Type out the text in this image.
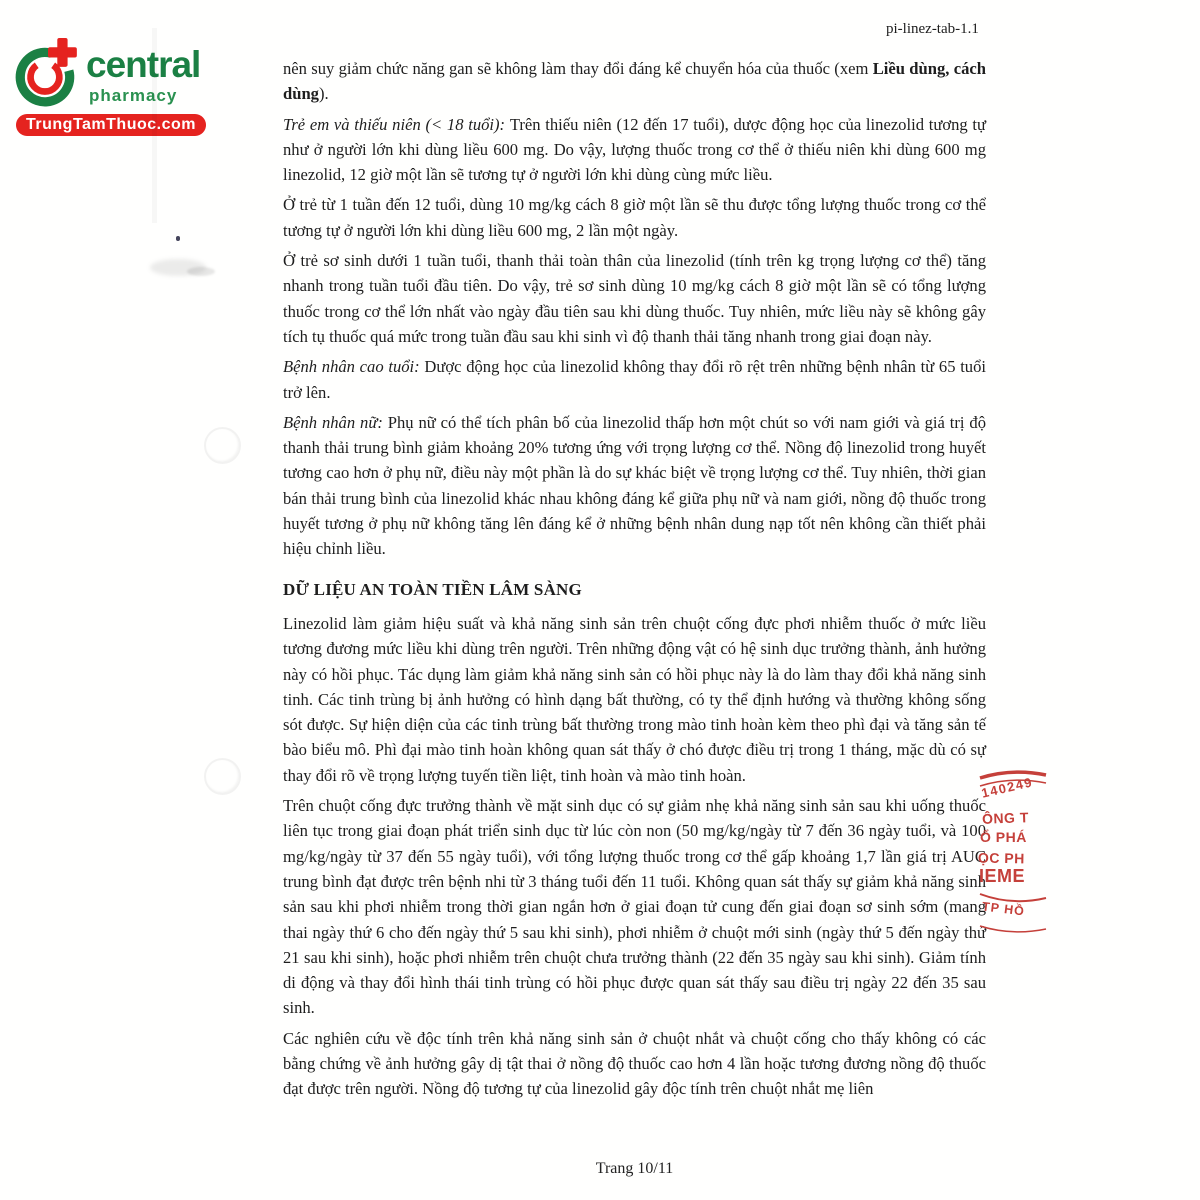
central
pharmacy
TrungTamThuoc.com
pi-linez-tab-1.1

nên suy giảm chức năng gan sẽ không làm thay đổi đáng kể chuyển hóa của thuốc (xem Liều dùng, cách dùng).

Trẻ em và thiếu niên (< 18 tuổi): Trên thiếu niên (12 đến 17 tuổi), dược động học của linezolid tương tự như ở người lớn khi dùng liều 600 mg. Do vậy, lượng thuốc trong cơ thể ở thiếu niên khi dùng 600 mg linezolid, 12 giờ một lần sẽ tương tự ở người lớn khi dùng cùng mức liều.

Ở trẻ từ 1 tuần đến 12 tuổi, dùng 10 mg/kg cách 8 giờ một lần sẽ thu được tổng lượng thuốc trong cơ thể tương tự ở người lớn khi dùng liều 600 mg, 2 lần một ngày.

Ở trẻ sơ sinh dưới 1 tuần tuổi, thanh thải toàn thân của linezolid (tính trên kg trọng lượng cơ thể) tăng nhanh trong tuần tuổi đầu tiên. Do vậy, trẻ sơ sinh dùng 10 mg/kg cách 8 giờ một lần sẽ có tổng lượng thuốc trong cơ thể lớn nhất vào ngày đầu tiên sau khi dùng thuốc. Tuy nhiên, mức liều này sẽ không gây tích tụ thuốc quá mức trong tuần đầu sau khi sinh vì độ thanh thải tăng nhanh trong giai đoạn này.

Bệnh nhân cao tuổi: Dược động học của linezolid không thay đổi rõ rệt trên những bệnh nhân từ 65 tuổi trở lên.

Bệnh nhân nữ: Phụ nữ có thể tích phân bố của linezolid thấp hơn một chút so với nam giới và giá trị độ thanh thải trung bình giảm khoảng 20% tương ứng với trọng lượng cơ thể. Nồng độ linezolid trong huyết tương cao hơn ở phụ nữ, điều này một phần là do sự khác biệt về trọng lượng cơ thể. Tuy nhiên, thời gian bán thải trung bình của linezolid khác nhau không đáng kể giữa phụ nữ và nam giới, nồng độ thuốc trong huyết tương ở phụ nữ không tăng lên đáng kể ở những bệnh nhân dung nạp tốt nên không cần thiết phải hiệu chỉnh liều.

DỮ LIỆU AN TOÀN TIỀN LÂM SÀNG

Linezolid làm giảm hiệu suất và khả năng sinh sản trên chuột cống đực phơi nhiễm thuốc ở mức liều tương đương mức liều khi dùng trên người. Trên những động vật có hệ sinh dục trưởng thành, ảnh hưởng này có hồi phục. Tác dụng làm giảm khả năng sinh sản có hồi phục này là do làm thay đổi khả năng sinh tinh. Các tinh trùng bị ảnh hưởng có hình dạng bất thường, có ty thể định hướng và thường không sống sót được. Sự hiện diện của các tinh trùng bất thường trong mào tinh hoàn kèm theo phì đại và tăng sản tế bào biểu mô. Phì đại mào tinh hoàn không quan sát thấy ở chó được điều trị trong 1 tháng, mặc dù có sự thay đổi rõ về trọng lượng tuyến tiền liệt, tinh hoàn và mào tinh hoàn.

Trên chuột cống đực trưởng thành về mặt sinh dục có sự giảm nhẹ khả năng sinh sản sau khi uống thuốc liên tục trong giai đoạn phát triển sinh dục từ lúc còn non (50 mg/kg/ngày từ 7 đến 36 ngày tuổi, và 100 mg/kg/ngày từ 37 đến 55 ngày tuổi), với tổng lượng thuốc trong cơ thể gấp khoảng 1,7 lần giá trị AUC trung bình đạt được trên bệnh nhi từ 3 tháng tuổi đến 11 tuổi. Không quan sát thấy sự giảm khả năng sinh sản sau khi phơi nhiễm trong thời gian ngắn hơn ở giai đoạn tử cung đến giai đoạn sơ sinh sớm (mang thai ngày thứ 6 cho đến ngày thứ 5 sau khi sinh), phơi nhiễm ở chuột mới sinh (ngày thứ 5 đến ngày thứ 21 sau khi sinh), hoặc phơi nhiễm trên chuột chưa trưởng thành (22 đến 35 ngày sau khi sinh). Giảm tính di động và thay đổi hình thái tinh trùng có hồi phục được quan sát thấy sau điều trị ngày 22 đến 35 sau sinh.

Các nghiên cứu về độc tính trên khả năng sinh sản ở chuột nhắt và chuột cống cho thấy không có các bằng chứng về ảnh hưởng gây dị tật thai ở nồng độ thuốc cao hơn 4 lần hoặc tương đương nồng độ thuốc đạt được trên người. Nồng độ tương tự của linezolid gây độc tính trên chuột nhắt mẹ liên

140249
ÔNG T
Ổ PHÁ
ỌC PH
IEME
TP HỒ
Trang 10/11
